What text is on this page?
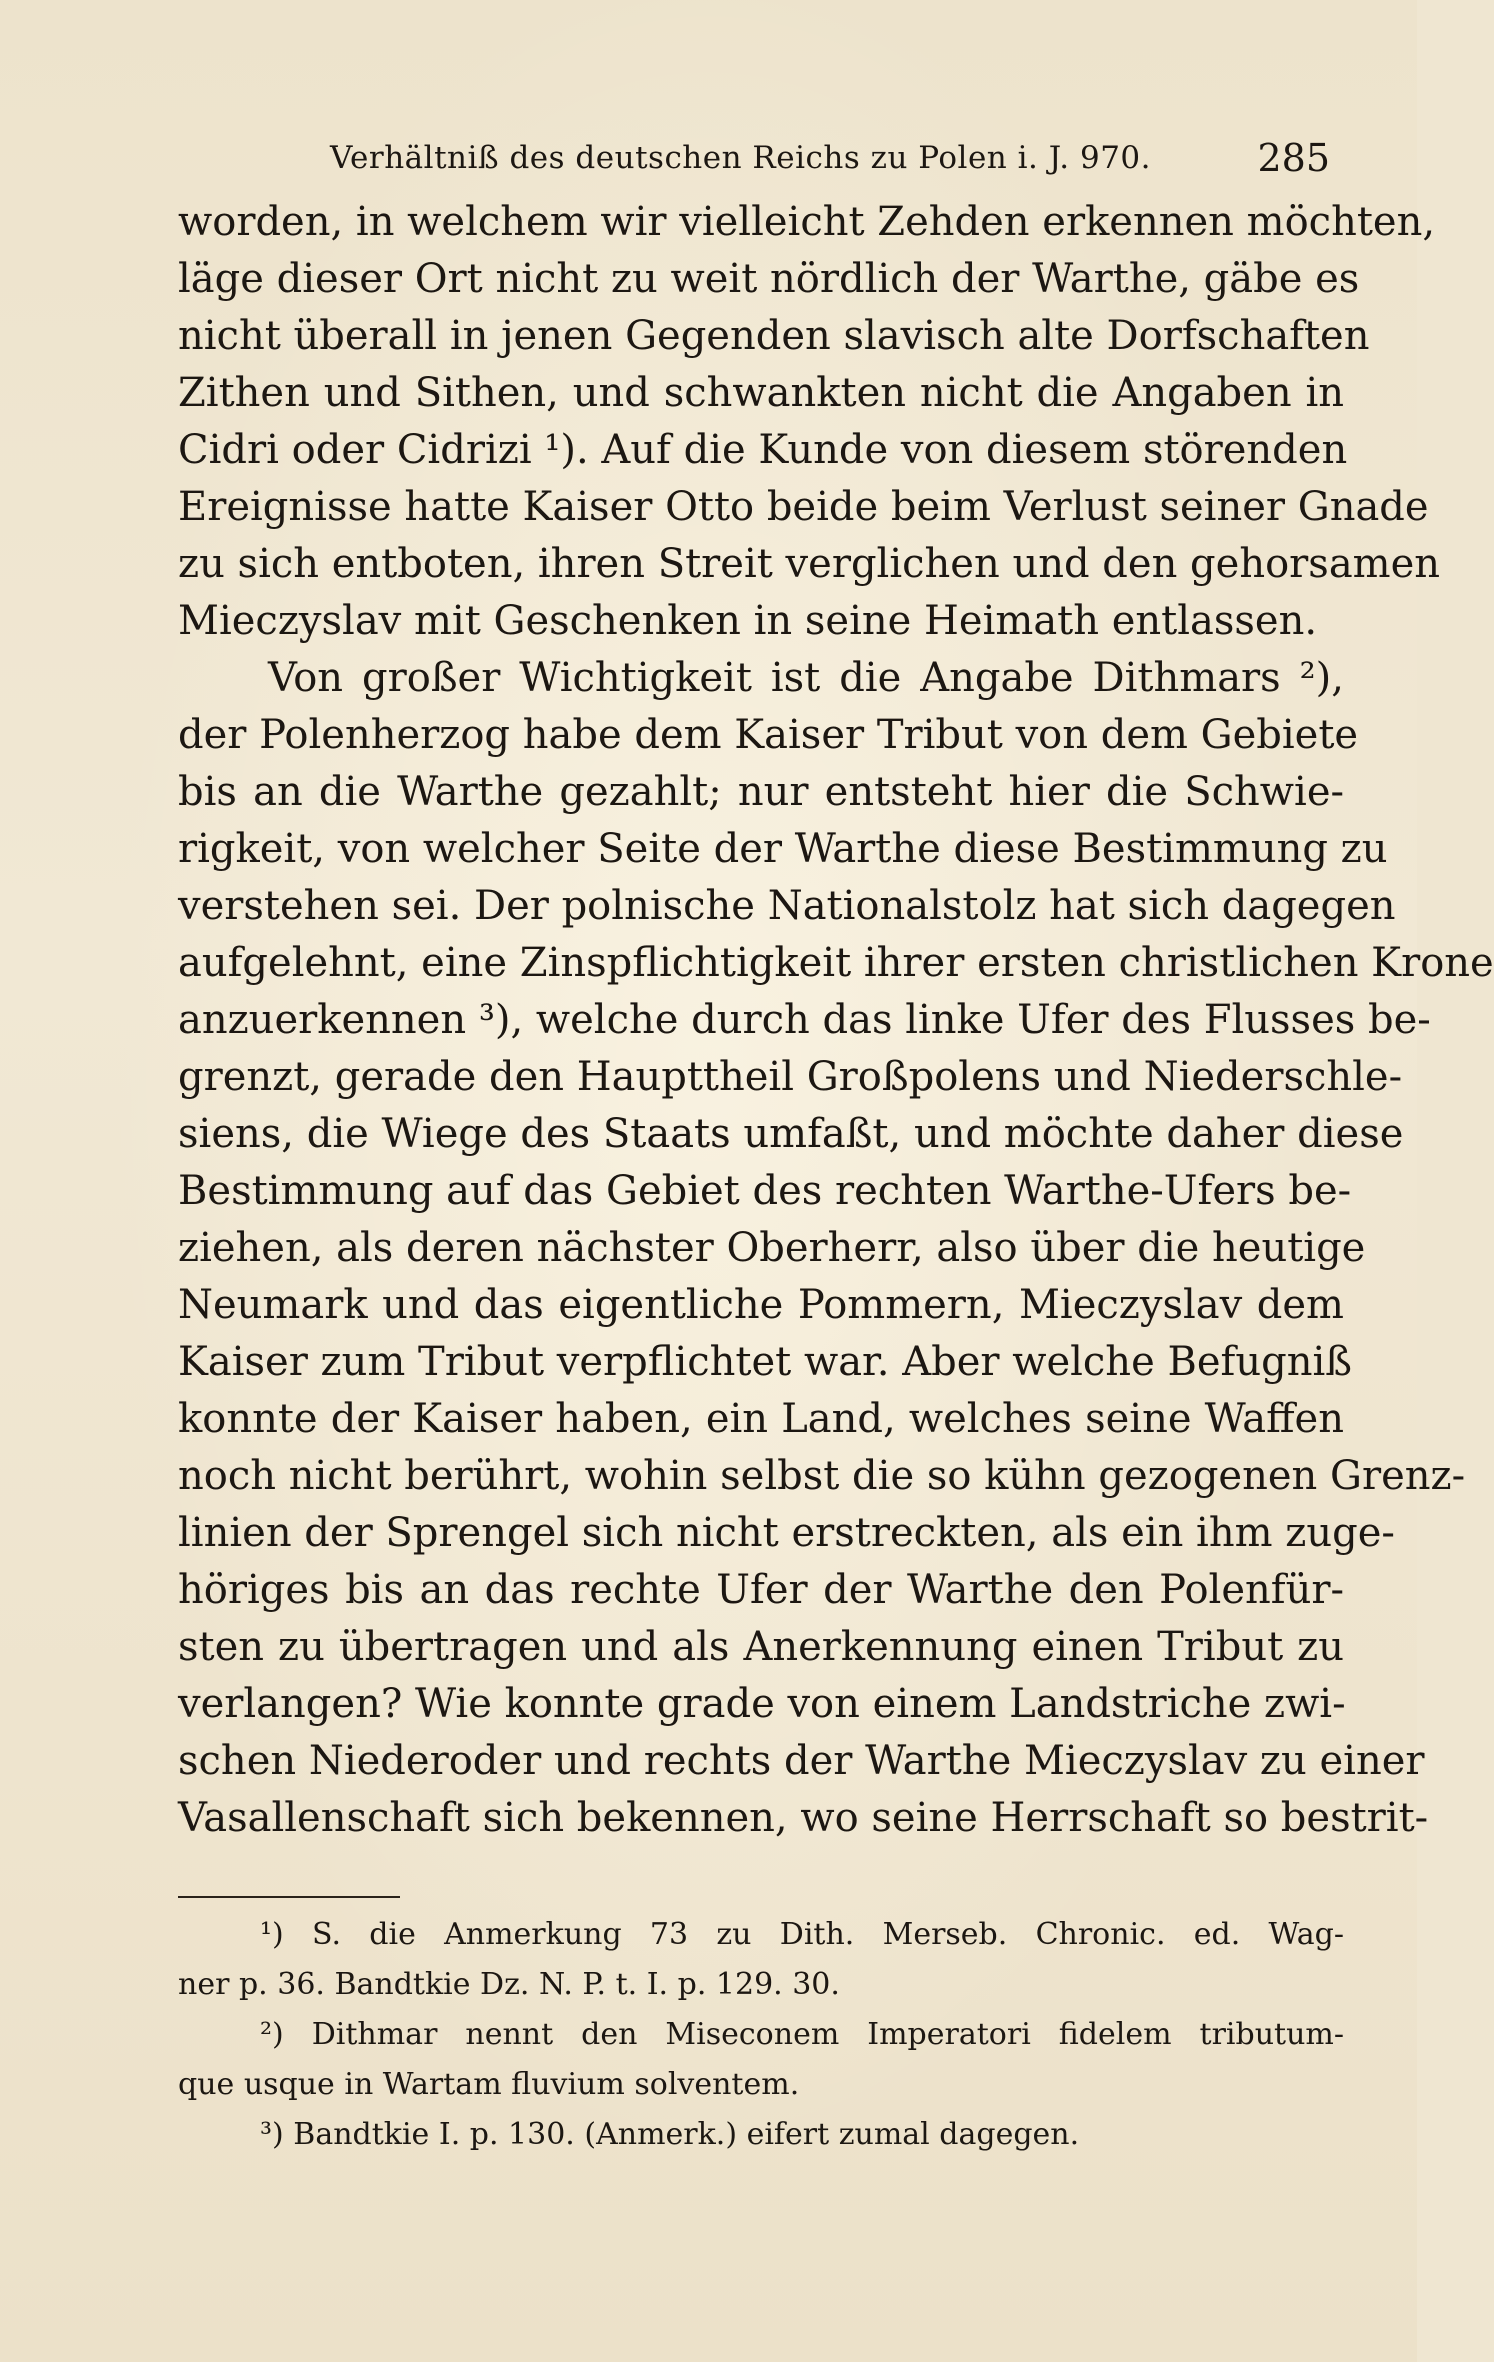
Verhältniß des deutschen Reichs zu Polen i. J. 970.	285
worden, in welchem wir vielleicht Zehden erkennen möchten,
läge dieser Ort nicht zu weit nördlich der Warthe, gäbe es
nicht überall in jenen Gegenden slavisch alte Dorfschaften
Zithen und Sithen, und schwankten nicht die Angaben in
Cidri oder Cidrizi ¹). Auf die Kunde von diesem störenden
Ereignisse hatte Kaiser Otto beide beim Verlust seiner Gnade
zu sich entboten, ihren Streit verglichen und den gehorsamen
Mieczyslav mit Geschenken in seine Heimath entlassen.
Von großer Wichtigkeit ist die Angabe Dithmars ²),
der Polenherzog habe dem Kaiser Tribut von dem Gebiete
bis an die Warthe gezahlt; nur entsteht hier die Schwie-
rigkeit, von welcher Seite der Warthe diese Bestimmung zu
verstehen sei. Der polnische Nationalstolz hat sich dagegen
aufgelehnt, eine Zinspflichtigkeit ihrer ersten christlichen Krone
anzuerkennen ³), welche durch das linke Ufer des Flusses be-
grenzt, gerade den Haupttheil Großpolens und Niederschle-
siens, die Wiege des Staats umfaßt, und möchte daher diese
Bestimmung auf das Gebiet des rechten Warthe-Ufers be-
ziehen, als deren nächster Oberherr, also über die heutige
Neumark und das eigentliche Pommern, Mieczyslav dem
Kaiser zum Tribut verpflichtet war. Aber welche Befugniß
konnte der Kaiser haben, ein Land, welches seine Waffen
noch nicht berührt, wohin selbst die so kühn gezogenen Grenz-
linien der Sprengel sich nicht erstreckten, als ein ihm zuge-
höriges bis an das rechte Ufer der Warthe den Polenfür-
sten zu übertragen und als Anerkennung einen Tribut zu
verlangen? Wie konnte grade von einem Landstriche zwi-
schen Niederoder und rechts der Warthe Mieczyslav zu einer
Vasallenschaft sich bekennen, wo seine Herrschaft so bestrit-
¹) S. die Anmerkung 73 zu Dith. Merseb. Chronic. ed. Wag-
ner p. 36. Bandtkie Dz. N. P. t. I. p. 129. 30.
²) Dithmar nennt den Miseconem Imperatori fidelem tributum-
que usque in Wartam fluvium solventem.
³) Bandtkie I. p. 130. (Anmerk.) eifert zumal dagegen.
